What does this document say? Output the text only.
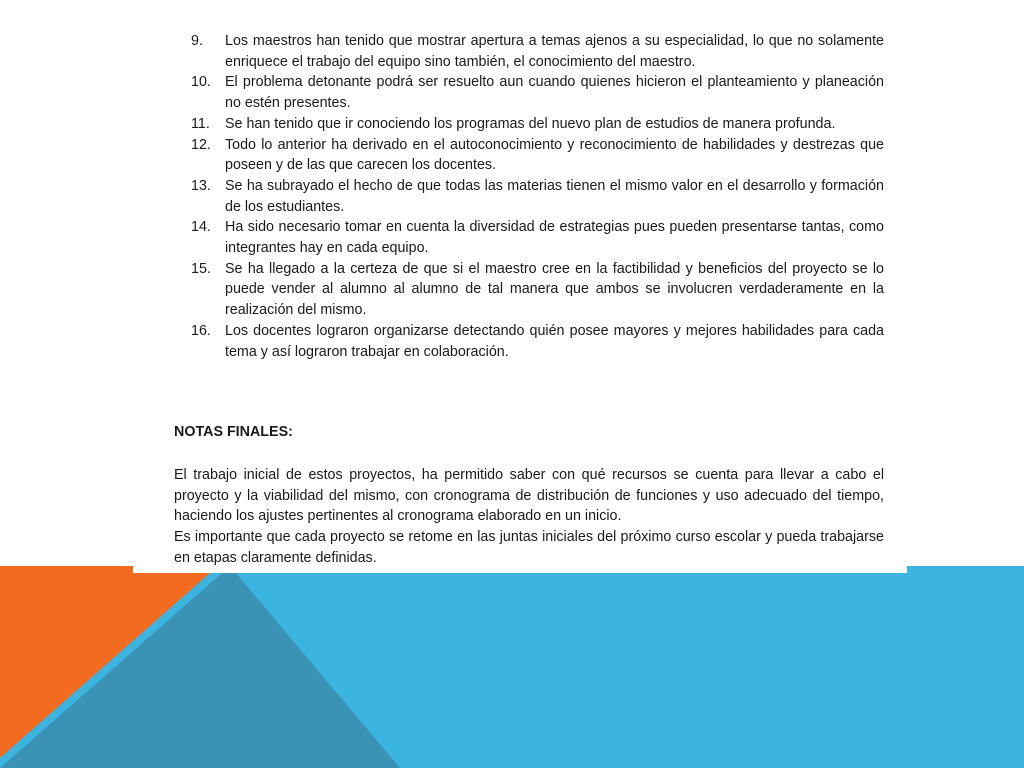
9.	Los maestros han tenido que mostrar apertura a temas ajenos a su especialidad, lo que no solamente enriquece el trabajo del equipo sino también, el conocimiento del maestro.
10. El problema detonante podrá ser resuelto aun cuando quienes hicieron el planteamiento y planeación no estén presentes.
11.	Se han tenido que ir conociendo los programas del nuevo plan de estudios de manera profunda.
12. Todo lo anterior ha derivado en el autoconocimiento y reconocimiento de habilidades y destrezas que poseen y de las que carecen los docentes.
13. Se ha subrayado el hecho de que todas las materias tienen el mismo valor en el desarrollo y formación de los estudiantes.
14. Ha sido necesario tomar en cuenta la diversidad de estrategias pues pueden presentarse tantas, como integrantes hay en cada equipo.
15. Se ha llegado a la certeza de que si el maestro cree en la factibilidad y beneficios del proyecto se lo puede vender al alumno al alumno de tal manera que ambos se involucren verdaderamente en la realización del mismo.
16. Los docentes lograron organizarse detectando quién posee mayores y mejores habilidades para cada tema y así lograron trabajar en colaboración.
NOTAS FINALES:

El trabajo inicial de estos proyectos, ha permitido saber con qué recursos se cuenta para llevar a cabo el proyecto y la viabilidad del mismo, con cronograma de distribución de funciones y uso adecuado del tiempo, haciendo los ajustes pertinentes al cronograma elaborado en un inicio.

Es importante que cada proyecto se retome en las juntas iniciales del próximo curso escolar y pueda trabajarse en etapas claramente definidas.
